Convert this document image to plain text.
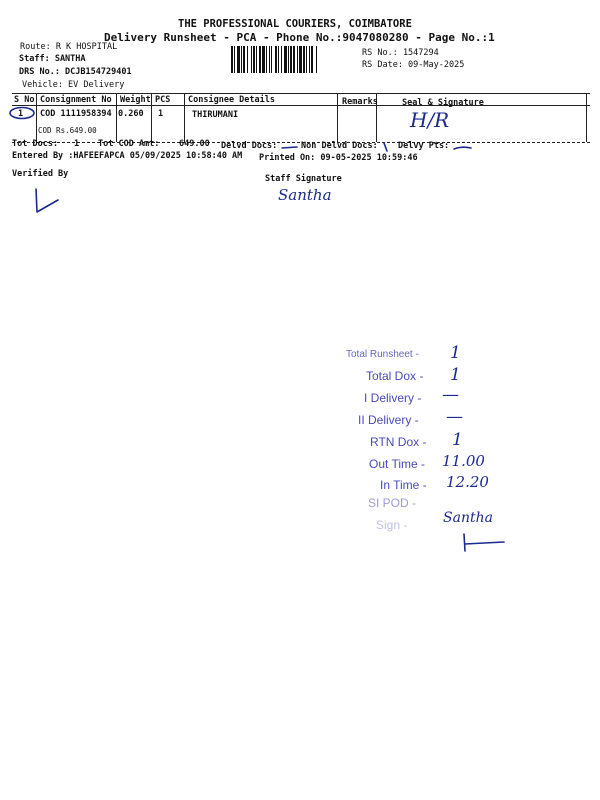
THE PROFESSIONAL COURIERS, COIMBATORE
Delivery Runsheet - PCA - Phone No.:9047080280 - Page No.:1
Route: R K HOSPITAL
Staff: SANTHA
DRS No.: DCJB154729401
Vehicle: EV Delivery
RS No.: 1547294
RS Date: 09-May-2025
S No Consignment No Weight PCS Consignee Details	Remarks	Seal & Signature
1 COD 1111958394 0.260 1	THIRUMANI
COD Rs.649.00	H/R
Tot Docs: 1 Tot COD Amt: 649.00 Delvd Docs:	Non Delvd Docs: Delvy Pts:
Entered By :HAFEEFAPCA 05/09/2025 10:58:40 AM Printed On: 09-05-2025 10:59:46
Verified By	Staff Signature
Santha
Total Runsheet - 1
Total Dox - 1
I Delivery - —
II Delivery - —
RTN Dox - 1
Out Time - 11.00
In Time - 12.20
SI POD -
Sign -	Santha
